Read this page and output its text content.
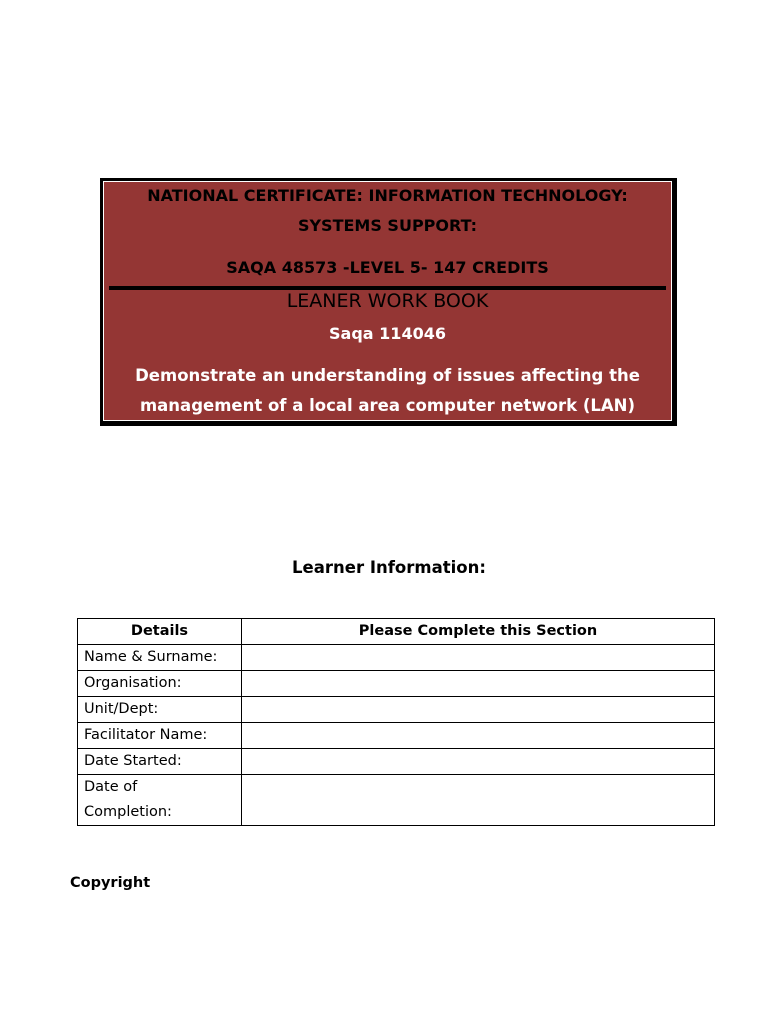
NATIONAL CERTIFICATE: INFORMATION TECHNOLOGY:
SYSTEMS SUPPORT:
SAQA 48573 -LEVEL 5- 147 CREDITS
LEANER WORK BOOK
Saqa 114046
Demonstrate an understanding of issues affecting the
management of a local area computer network (LAN)
Learner Information:
Details	Please Complete this Section
Name & Surname:	
Organisation:	
Unit/Dept:	
Facilitator Name:	
Date Started:	
Date of
Completion:	
Copyright
